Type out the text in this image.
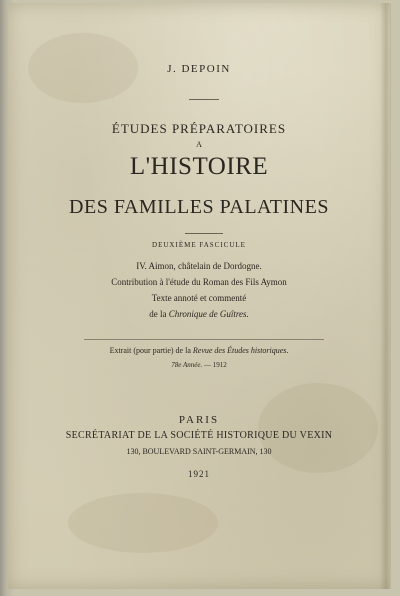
J. DEPOIN
ÉTUDES PRÉPARATOIRES
A
L'HISTOIRE
DES FAMILLES PALATINES
DEUXIÈME FASCICULE
IV. Aimon, châtelain de Dordogne.
Contribution à l'étude du Roman des Fils Aymon
Texte annoté et commenté
de la Chronique de Guîtres.
Extrait (pour partie) de la Revue des Études historiques.
78e Année. — 1912
PARIS
SECRÉTARIAT DE LA SOCIÉTÉ HISTORIQUE DU VEXIN
130, BOULEVARD SAINT-GERMAIN, 130
1921
